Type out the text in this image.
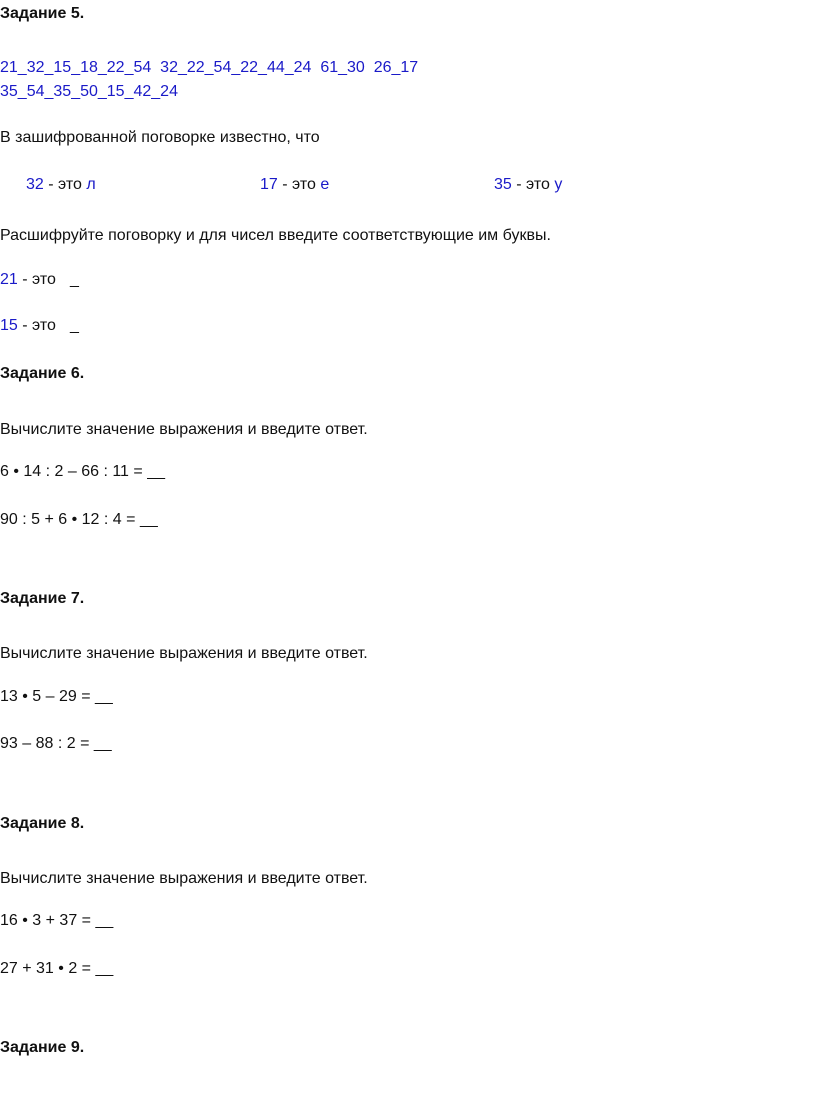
Задание 5.
21_32_15_18_22_54  32_22_54_22_44_24  61_30  26_17
35_54_35_50_15_42_24
В зашифрованной поговорке известно, что
32 - это л	17 - это е	35 - это у
Расшифруйте поговорку и для чисел введите соответствующие им буквы.
21 - это _
15 - это _
Задание 6.
Вычислите значение выражения и введите ответ.
6 • 14 : 2 – 66 : 11 = __
90 : 5 + 6 • 12 : 4 = __
Задание 7.
Вычислите значение выражения и введите ответ.
13 • 5 – 29 = __
93 – 88 : 2 = __
Задание 8.
Вычислите значение выражения и введите ответ.
16 • 3 + 37 = __
27 + 31 • 2 = __
Задание 9.
